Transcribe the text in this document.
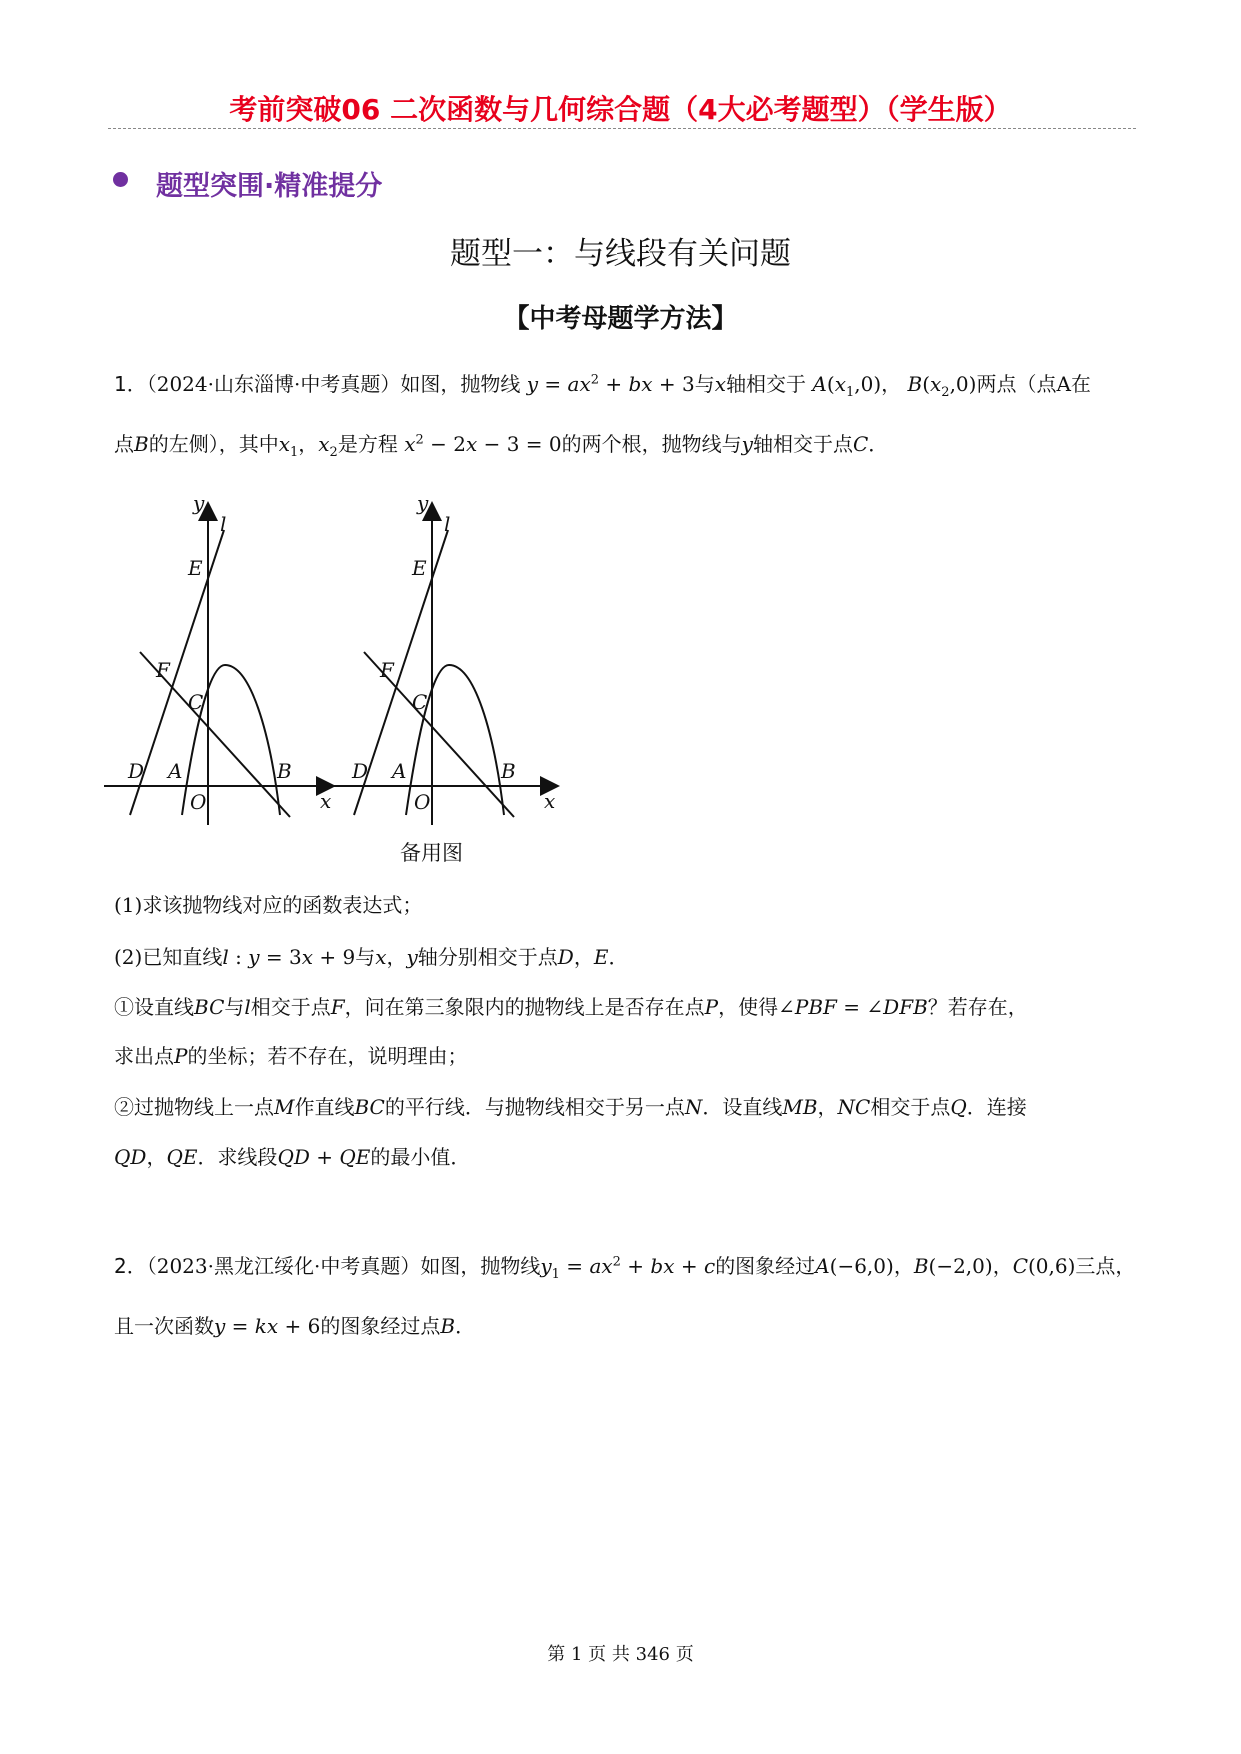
考前突破06 二次函数与几何综合题（4大必考题型）（学生版）
题型突围·精准提分
题型一：与线段有关问题
【中考母题学方法】
1．（2024·山东淄博·中考真题）如图，抛物线 $y = ax^2$ + bx + 3与x轴相交于 $A(x_1,0)$， $B(x_2,0)$两点（点A在
点B的左侧），其中$x_1$，$x_2$是方程 $x^2 - 2x - 3 = 0$的两个根，抛物线与y轴相交于点C．
y
l
E
F
C
D A	B
O	x
y
l
E
F
C
D A	B
O	x
备用图
(1)求该抛物线对应的函数表达式；
(2)已知直线l : y = 3x + 9与x，y轴分别相交于点D，E．
①设直线BC与l相交于点F，问在第三象限内的抛物线上是否存在点P，使得∠PBF = ∠DFB？若存在，
求出点P的坐标；若不存在，说明理由；
②过抛物线上一点M作直线BC的平行线．与抛物线相交于另一点N．设直线MB，NC相交于点Q．连接
QD，QE．求线段QD + QE的最小值．
2．（2023·黑龙江绥化·中考真题）如图，抛物线$y_1 = ax^2$ + bx + c的图象经过A(−6,0)，B(−2,0)，C(0,6)三点，
且一次函数y = kx + 6的图象经过点B．
第 1 页 共 346 页
